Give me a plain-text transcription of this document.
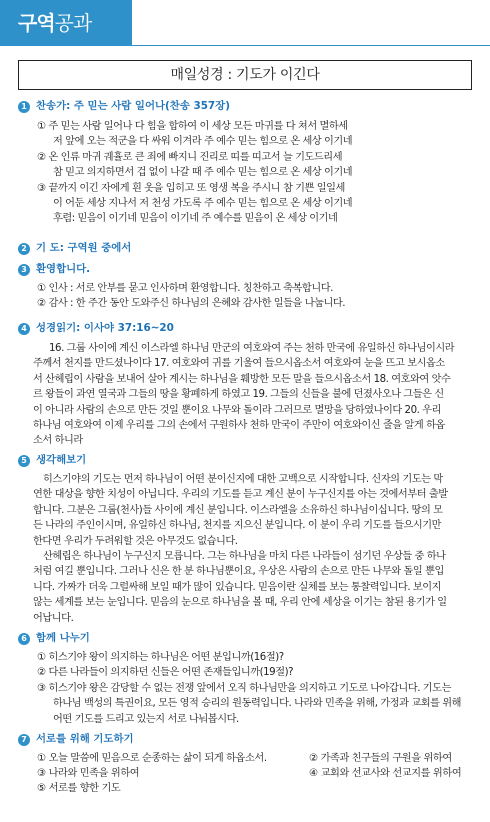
구역공과
매일성경 : 기도가 이긴다
1 찬송가: 주 믿는 사람 일어나(찬송 357장)
① 주 믿는 사람 일어나 다 힘을 합하여 이 세상 모든 마귀를 다 쳐서 멸하세
저 앞에 오는 적군을 다 싸워 이겨라 주 예수 믿는 힘으로 온 세상 이기네
② 온 인류 마귀 궤휼로 큰 죄에 빠지니 진리로 띠를 띠고서 늘 기도드리세
참 믿고 의지하면서 겁 없이 나갈 때 주 예수 믿는 힘으로 온 세상 이기네
③ 끝까지 이긴 자에게 흰 옷을 입히고 또 영생 복을 주시니 참 기쁜 일일세
이 어둔 세상 지나서 저 천성 가도록 주 예수 믿는 힘으로 온 세상 이기네
후렴: 믿음이 이기네 믿음이 이기네 주 예수를 믿음이 온 세상 이기네
2 기 도: 구역원 중에서
3 환영합니다.
① 인사 : 서로 안부를 묻고 인사하며 환영합니다. 칭찬하고 축복합니다.
② 감사 : 한 주간 동안 도와주신 하나님의 은혜와 감사한 일들을 나눕니다.
4 성경읽기: 이사야 37:16~20
16. 그룹 사이에 계신 이스라엘 하나님 만군의 여호와여 주는 천하 만국에 유일하신 하나님이시라
주께서 천지를 만드셨나이다 17. 여호와여 귀를 기울여 들으시옵소서 여호와여 눈을 뜨고 보시옵소
서 산헤립이 사람을 보내어 살아 계시는 하나님을 훼방한 모든 말을 들으시옵소서 18. 여호와여 앗수
르 왕들이 과연 열국과 그들의 땅을 황폐하게 하였고 19. 그들의 신들을 불에 던졌사오나 그들은 신
이 아니라 사람의 손으로 만든 것일 뿐이요 나무와 돌이라 그러므로 멸망을 당하였나이다 20. 우리
하나님 여호와여 이제 우리를 그의 손에서 구원하사 천하 만국이 주만이 여호와이신 줄을 알게 하옵
소서 하니라
5 생각해보기
히스기야의 기도는 먼저 하나님이 어떤 분이신지에 대한 고백으로 시작합니다. 신자의 기도는 막
연한 대상을 향한 치성이 아닙니다. 우리의 기도를 듣고 계신 분이 누구신지를 아는 것에서부터 출발
합니다. 그분은 그룹(천사)들 사이에 계신 분입니다. 이스라엘을 소유하신 하나님이십니다. 땅의 모
든 나라의 주인이시며, 유일하신 하나님, 천지를 지으신 분입니다. 이 분이 우리 기도를 들으시기만
한다면 우리가 두려워할 것은 아무것도 없습니다.
산헤립은 하나님이 누구신지 모릅니다. 그는 하나님을 마치 다른 나라들이 섬기던 우상들 중 하나
처럼 여길 뿐입니다. 그러나 신은 한 분 하나님뿐이요, 우상은 사람의 손으로 만든 나무와 돌일 뿐입
니다. 가짜가 더욱 그럴싸해 보일 때가 많이 있습니다. 믿음이란 실체를 보는 통찰력입니다. 보이지
않는 세계를 보는 눈입니다. 믿음의 눈으로 하나님을 볼 때, 우리 안에 세상을 이기는 참된 용기가 일
어납니다.
6 함께 나누기
① 히스기야 왕이 의지하는 하나님은 어떤 분입니까(16절)?
② 다른 나라들이 의지하던 신들은 어떤 존재들입니까(19절)?
③ 히스기야 왕은 감당할 수 없는 전쟁 앞에서 오직 하나님만을 의지하고 기도로 나아갑니다. 기도는
하나님 백성의 특권이요, 모든 영적 승리의 원동력입니다. 나라와 민족을 위해, 가정과 교회를 위해
어떤 기도를 드리고 있는지 서로 나눠봅시다.
7 서로를 위해 기도하기
① 오늘 말씀에 믿음으로 순종하는 삶이 되게 하옵소서.	② 가족과 친구들의 구원을 위하여
③ 나라와 민족을 위하여	④ 교회와 선교사와 선교지를 위하여
⑤ 서로를 향한 기도
